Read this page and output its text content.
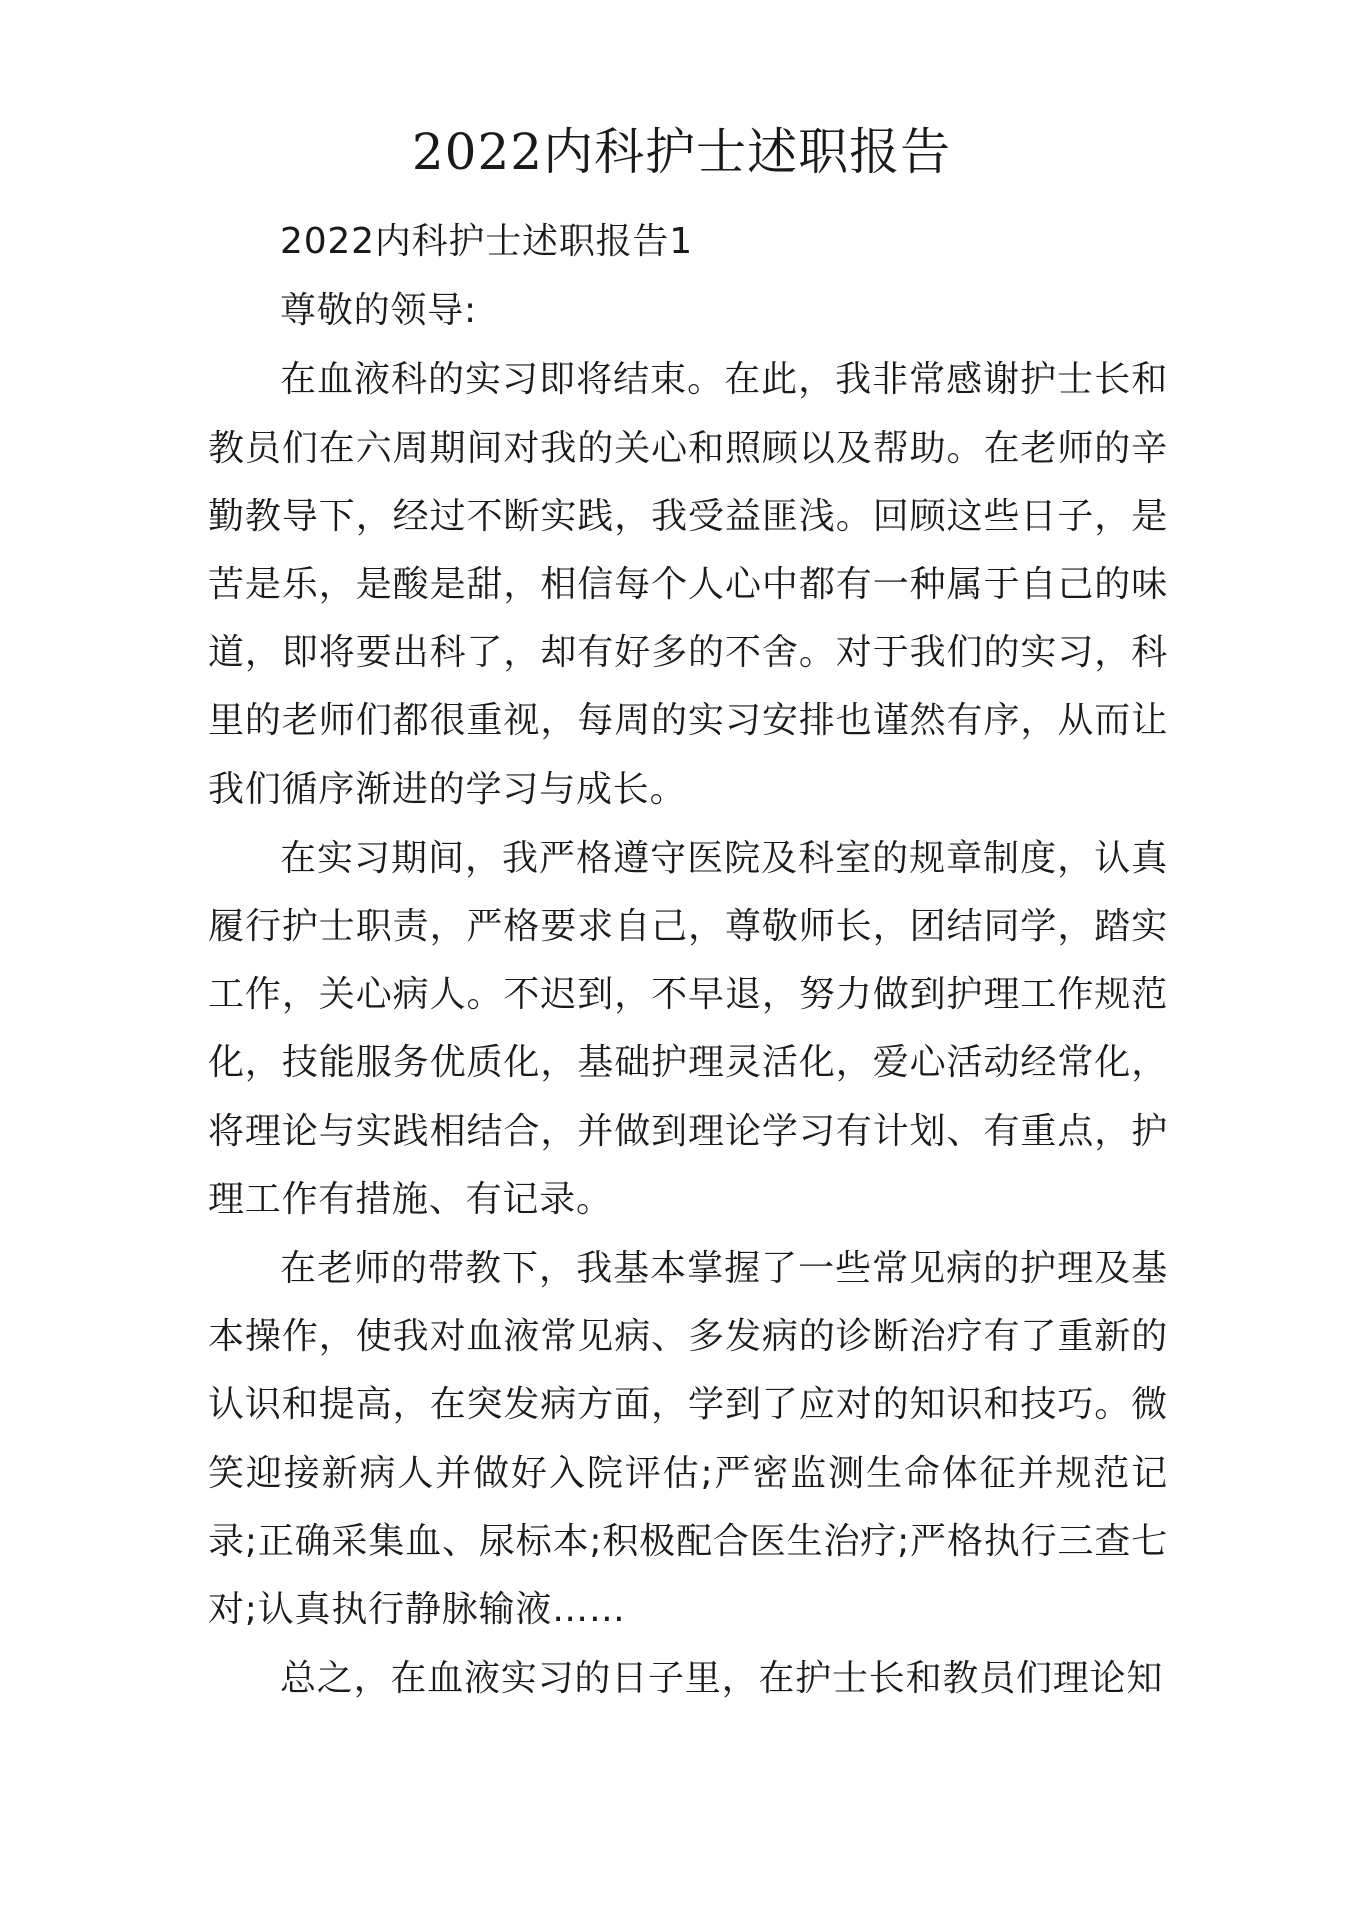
2022内科护士述职报告

2022内科护士述职报告1

尊敬的领导:

在血液科的实习即将结束。在此，我非常感谢护士长和教员们在六周期间对我的关心和照顾以及帮助。在老师的辛勤教导下，经过不断实践，我受益匪浅。回顾这些日子，是苦是乐，是酸是甜，相信每个人心中都有一种属于自己的味道，即将要出科了，却有好多的不舍。对于我们的实习，科里的老师们都很重视，每周的实习安排也谨然有序，从而让我们循序渐进的学习与成长。

在实习期间，我严格遵守医院及科室的规章制度，认真履行护士职责，严格要求自己，尊敬师长，团结同学，踏实工作，关心病人。不迟到，不早退，努力做到护理工作规范化，技能服务优质化，基础护理灵活化，爱心活动经常化，将理论与实践相结合，并做到理论学习有计划、有重点，护理工作有措施、有记录。

在老师的带教下，我基本掌握了一些常见病的护理及基本操作，使我对血液常见病、多发病的诊断治疗有了重新的认识和提高，在突发病方面，学到了应对的知识和技巧。微笑迎接新病人并做好入院评估;严密监测生命体征并规范记录;正确采集血、尿标本;积极配合医生治疗;严格执行三查七对;认真执行静脉输液……

总之，在血液实习的日子里，在护士长和教员们理论知
